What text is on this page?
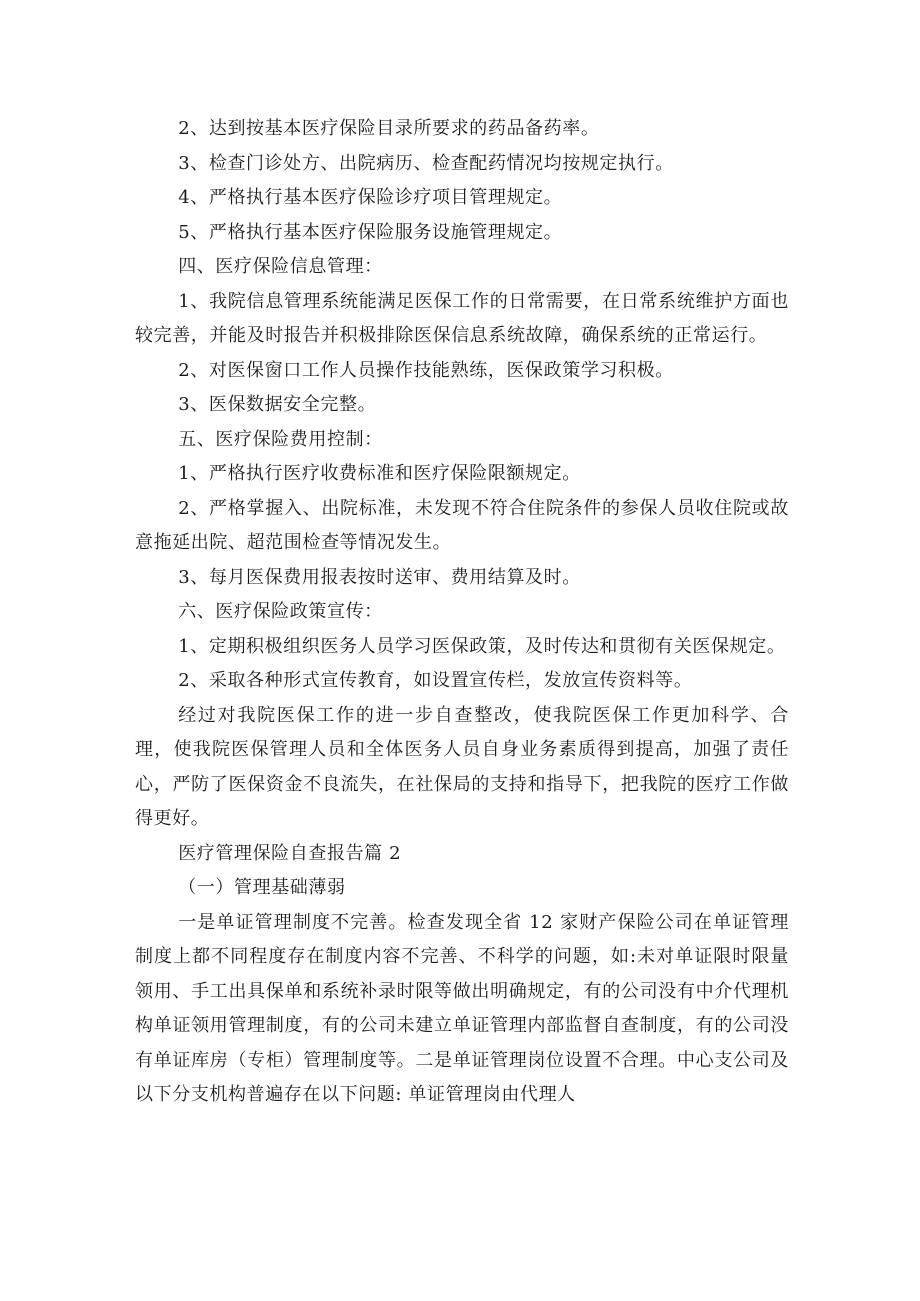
2、达到按基本医疗保险目录所要求的药品备药率。

3、检查门诊处方、出院病历、检查配药情况均按规定执行。

4、严格执行基本医疗保险诊疗项目管理规定。

5、严格执行基本医疗保险服务设施管理规定。

四、医疗保险信息管理：

1、我院信息管理系统能满足医保工作的日常需要，在日常系统维护方面也较完善，并能及时报告并积极排除医保信息系统故障，确保系统的正常运行。

2、对医保窗口工作人员操作技能熟练，医保政策学习积极。

3、医保数据安全完整。

五、医疗保险费用控制：

1、严格执行医疗收费标准和医疗保险限额规定。

2、严格掌握入、出院标准，未发现不符合住院条件的参保人员收住院或故意拖延出院、超范围检查等情况发生。

3、每月医保费用报表按时送审、费用结算及时。

六、医疗保险政策宣传：

1、定期积极组织医务人员学习医保政策，及时传达和贯彻有关医保规定。

2、采取各种形式宣传教育，如设置宣传栏，发放宣传资料等。

经过对我院医保工作的进一步自查整改，使我院医保工作更加科学、合理，使我院医保管理人员和全体医务人员自身业务素质得到提高，加强了责任心，严防了医保资金不良流失，在社保局的支持和指导下，把我院的医疗工作做得更好。

医疗管理保险自查报告篇 2

（一）管理基础薄弱

一是单证管理制度不完善。检查发现全省 12 家财产保险公司在单证管理制度上都不同程度存在制度内容不完善、不科学的问题，如:未对单证限时限量领用、手工出具保单和系统补录时限等做出明确规定，有的公司没有中介代理机构单证领用管理制度，有的公司未建立单证管理内部监督自查制度，有的公司没有单证库房（专柜）管理制度等。二是单证管理岗位设置不合理。中心支公司及以下分支机构普遍存在以下问题: 单证管理岗由代理人
